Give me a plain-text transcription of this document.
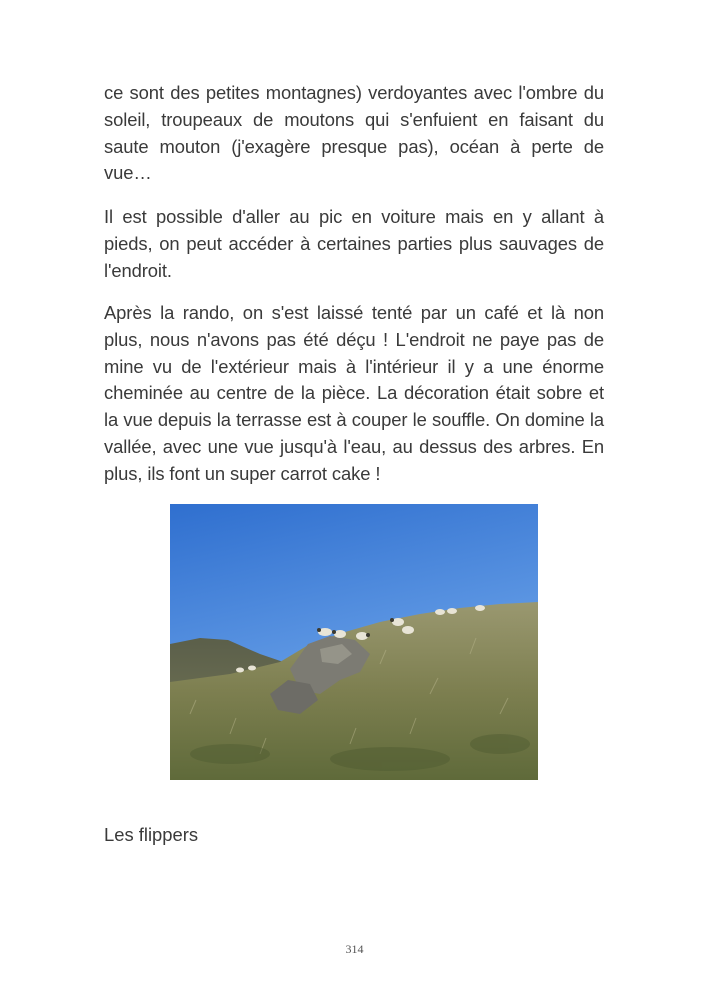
ce sont des petites montagnes) verdoyantes avec l'ombre du soleil, troupeaux de moutons qui s'enfuient en faisant du saute mouton (j'exagère presque pas), océan à perte de vue…

Il est possible d'aller au pic en voiture mais en y allant à pieds, on peut accéder à certaines parties plus sauvages de l'endroit.

Après la rando, on s'est laissé tenté par un café et là non plus, nous n'avons pas été déçu ! L'endroit ne paye pas de mine vu de l'extérieur mais à l'intérieur il y a une énorme cheminée au centre de la pièce. La décoration était sobre et la vue depuis la terrasse est à couper le souffle. On domine la vallée, avec une vue jusqu'à l'eau, au dessus des arbres. En plus, ils font un super carrot cake !

Les flippers

314
